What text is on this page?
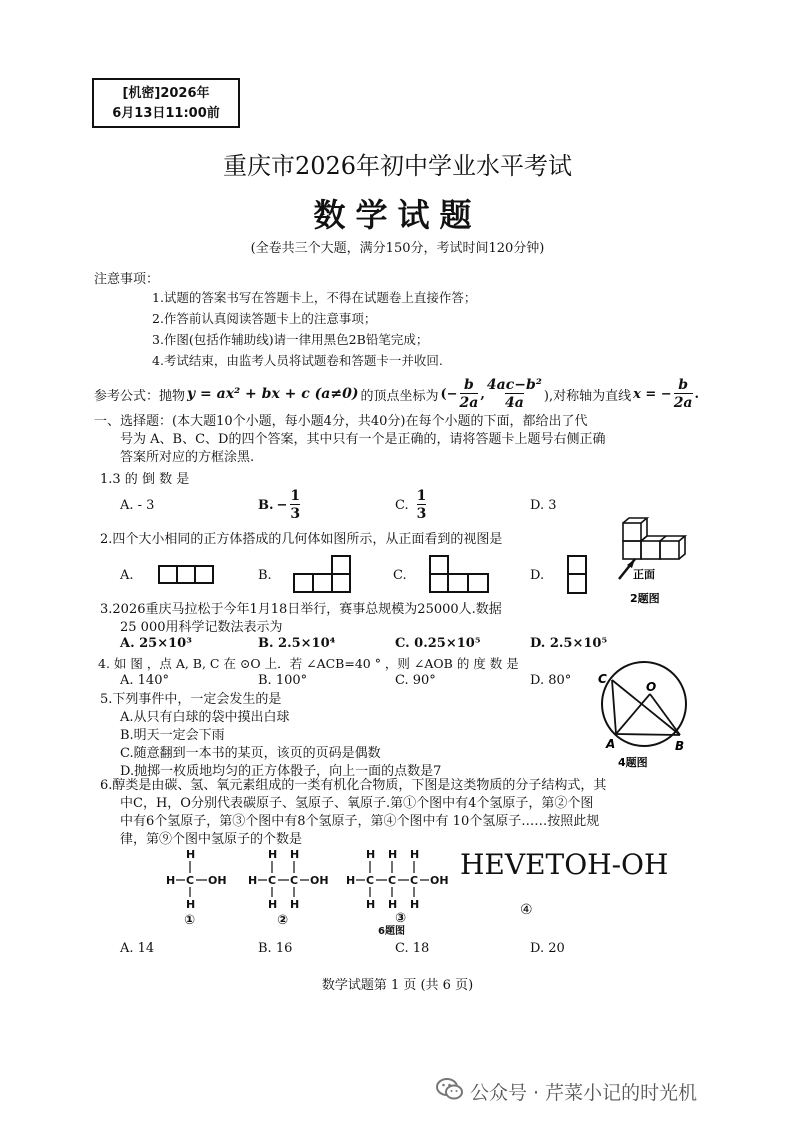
[机密]2026年
6月13日11:00前
重庆市2026年初中学业水平考试
数学试题
(全卷共三个大题，满分150分，考试时间120分钟)
注意事项：
1.试题的答案书写在答题卡上，不得在试题卷上直接作答；
2.作答前认真阅读答题卡上的注意事项；
3.作图(包括作辅助线)请一律用黑色2B铅笔完成；
4.考试结束，由监考人员将试题卷和答题卡一并收回.
参考公式：抛物 y = ax² + bx + c (a≠0) 的顶点坐标为 (− $\frac{b}{2a}$ , $\frac{\text{4ac−b²}}{4a}$ ),对称轴为直线 x = − $\frac{b}{2a}$ .
一、选择题：(本大题10个小题，每小题4分，共40分)在每个小题的下面，都给出了代
号为 A、B、C、D的四个答案，其中只有一个是正确的，请将答题卡上题号右侧正确
答案所对应的方框涂黑.
1.3 的 倒 数 是
A. - 3	B. − $\frac{1}{3}$	C. $\frac{1}{3}$	D. 3
2.四个大小相同的正方体搭成的几何体如图所示，从正面看到的视图是
A.	B.	C.	D.	正面
2题图
3.2026重庆马拉松于今年1月18日举行，赛事总规模为25000人.数据
25 000用科学记数法表示为
A. 25×10³	B. 2.5×10⁴	C. 0.25×10⁵	D. 2.5×10⁵
4. 如 图 ，点 A, B, C 在 ⊙O 上．若 ∠ACB=40 ° ，则 ∠AOB 的 度 数 是
A. 140°	B. 100°	C. 90°	D. 80° C
O
A	B
4题图
5.下列事件中，一定会发生的是
A.从只有白球的袋中摸出白球
B.明天一定会下雨
C.随意翻到一本书的某页，该页的页码是偶数
D.抛掷一枚质地均匀的正方体骰子，向上一面的点数是7
6.醇类是由碳、氢、氧元素组成的一类有机化合物质，下图是这类物质的分子结构式，其
中C，H，O分别代表碳原子、氢原子、氧原子.第①个图中有4个氢原子，第②个图
中有6个氢原子，第③个图中有8个氢原子，第④个图中有 10个氢原子……按照此规
律，第⑨个图中氢原子的个数是
H
H C OH
H
①
H H
H C C OH
H H
②
H H H
H C C C OH
H H H
③
6题图
HEVETOH-OH
④
A. 14	B. 16	C. 18	D. 20
数学试题第 1 页 (共 6 页)
公众号 · 芹菜小记的时光机
